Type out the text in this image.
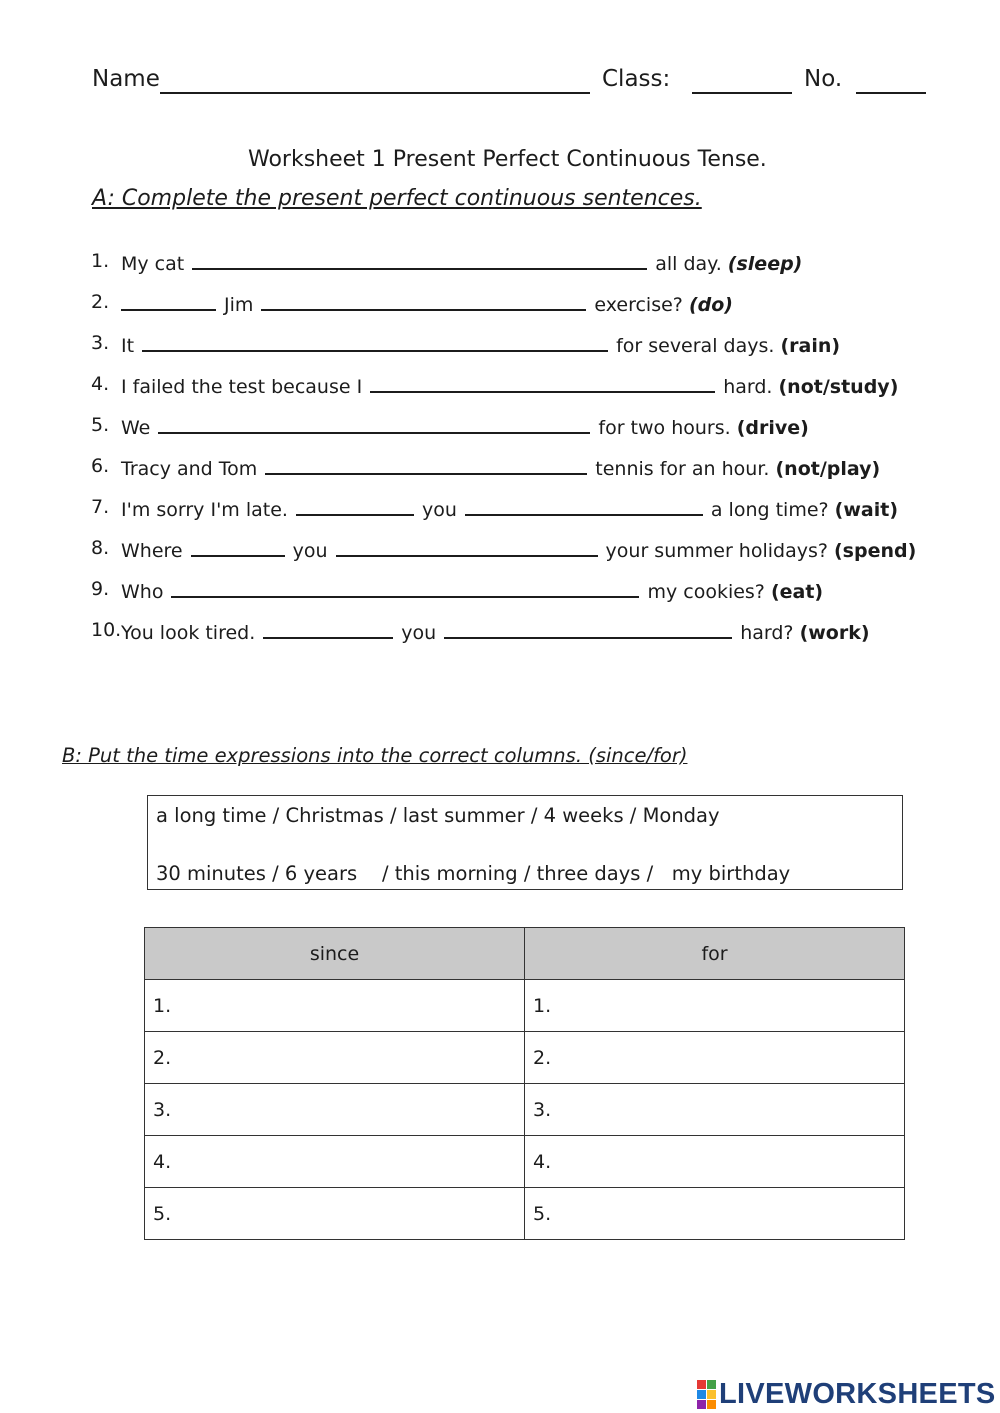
Name	Class:	No.
Worksheet 1 Present Perfect Continuous Tense.
A: Complete the present perfect continuous sentences.
1. My cat	all day. (sleep)
2.	Jim	exercise? (do)
3. It	for several days. (rain)
4. I failed the test because I	hard. (not/study)
5. We	for two hours. (drive)
6. Tracy and Tom	tennis for an hour. (not/play)
7. I'm sorry I'm late.	you	a long time? (wait)
8. Where	you	your summer holidays? (spend)
9. Who	my cookies? (eat)
10. You look tired.	you	hard? (work)
B: Put the time expressions into the correct columns. (since/for)
a long time / Christmas / last summer / 4 weeks / Monday
30 minutes / 6 years    / this morning / three days /   my birthday
since	for
1.	1.
2.	2.
3.	3.
4.	4.
5.	5.
LIVEWORKSHEETS
